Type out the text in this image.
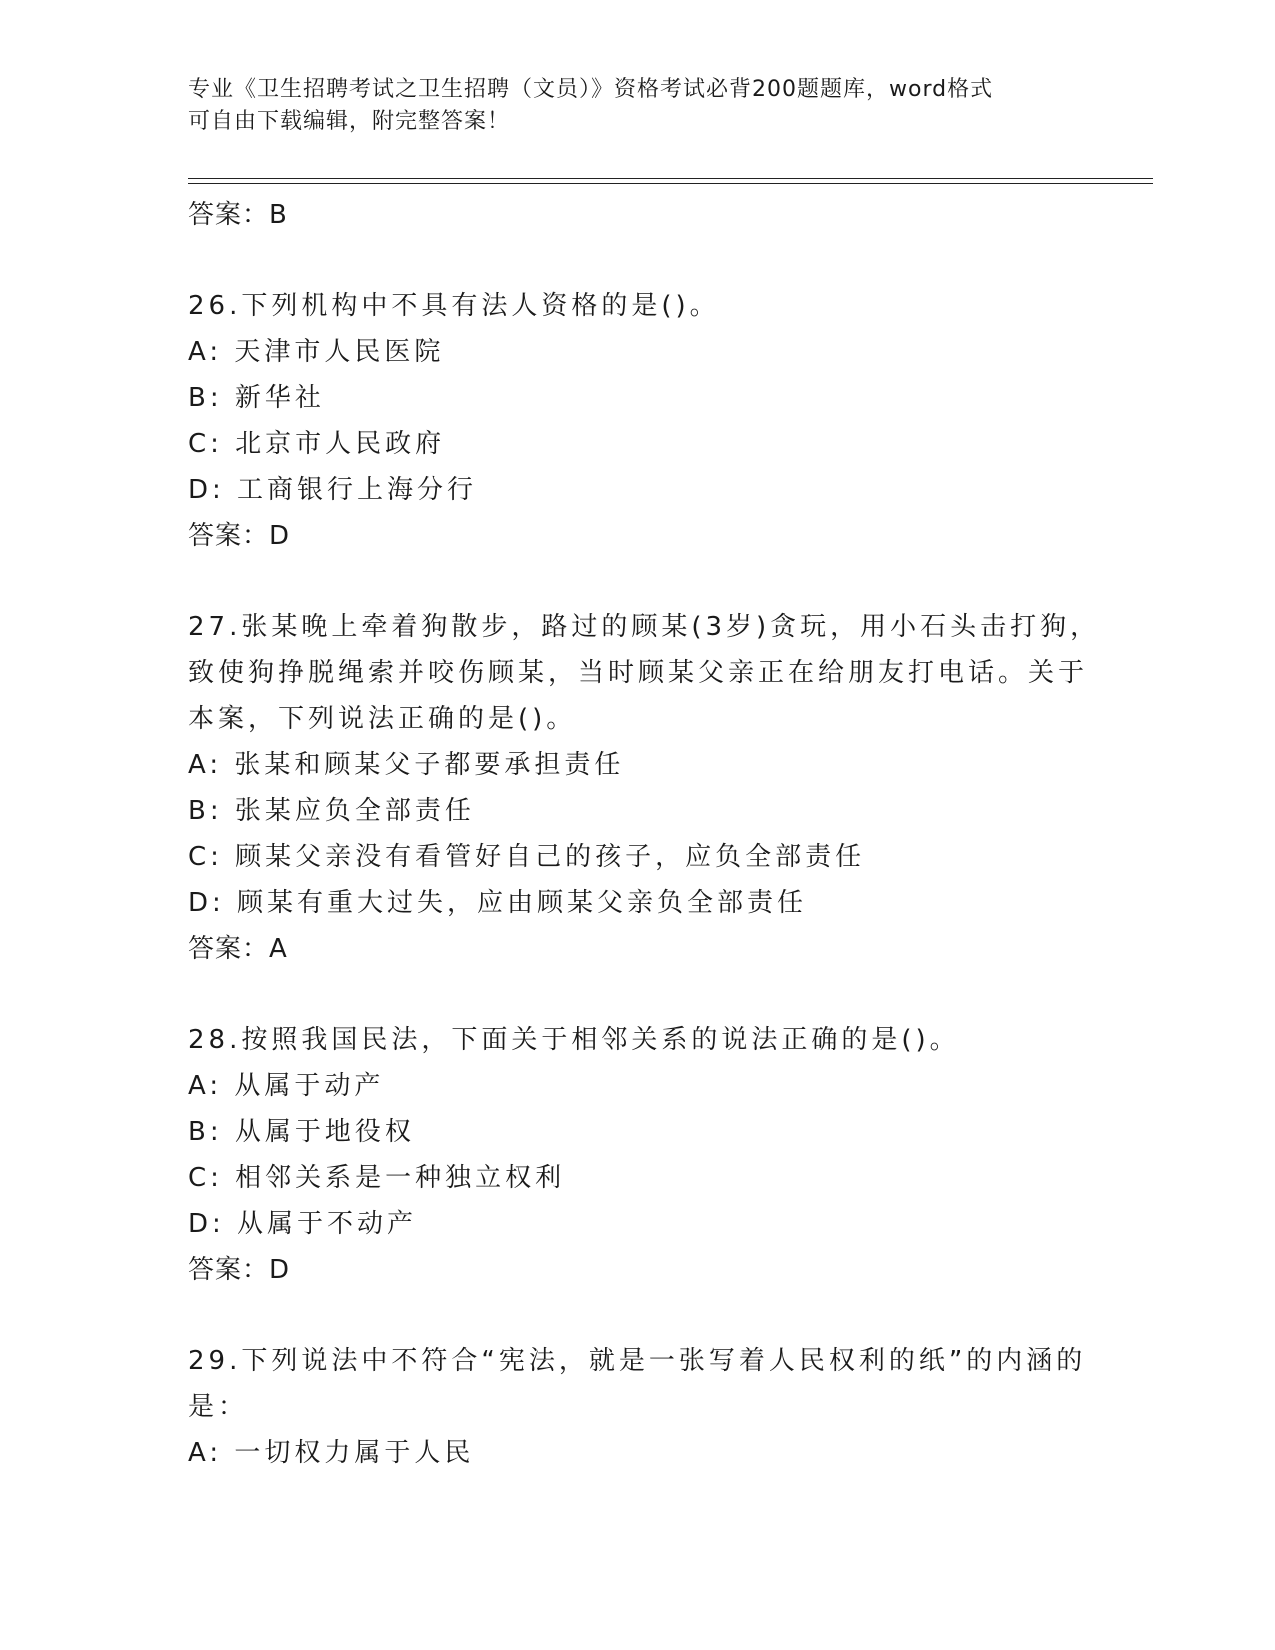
专业《卫生招聘考试之卫生招聘（文员）》资格考试必背200题题库，word格式
可自由下载编辑，附完整答案！
答案：B
26.下列机构中不具有法人资格的是()。
A: 天津市人民医院
B: 新华社
C: 北京市人民政府
D: 工商银行上海分行
答案：D
27.张某晚上牵着狗散步，路过的顾某(3岁)贪玩，用小石头击打狗，
致使狗挣脱绳索并咬伤顾某，当时顾某父亲正在给朋友打电话。关于
本案，下列说法正确的是()。
A: 张某和顾某父子都要承担责任
B: 张某应负全部责任
C: 顾某父亲没有看管好自己的孩子，应负全部责任
D: 顾某有重大过失，应由顾某父亲负全部责任
答案：A
28.按照我国民法，下面关于相邻关系的说法正确的是()。
A: 从属于动产
B: 从属于地役权
C: 相邻关系是一种独立权利
D: 从属于不动产
答案：D
29.下列说法中不符合“宪法，就是一张写着人民权利的纸”的内涵的
是：
A: 一切权力属于人民
